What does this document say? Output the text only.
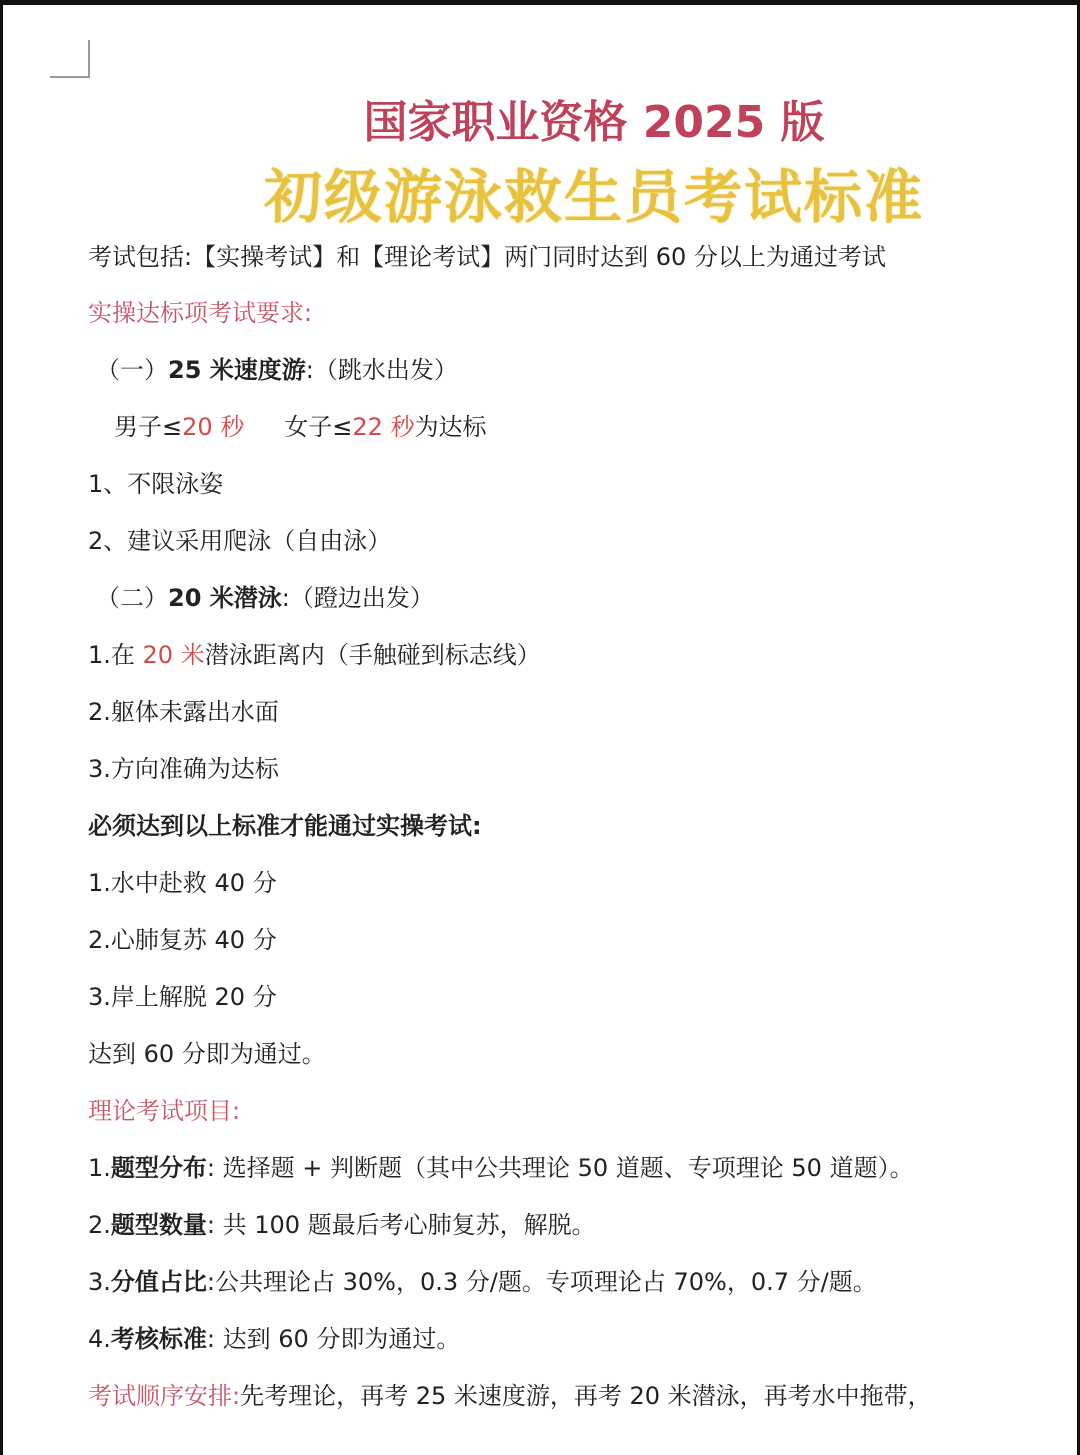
国家职业资格 2025 版
初级游泳救生员考试标准
考试包括:【实操考试】和【理论考试】两门同时达到 60 分以上为通过考试
实操达标项考试要求:
（一）25 米速度游:（跳水出发）
男子≤20 秒 女子≤22 秒为达标
1、不限泳姿
2、建议采用爬泳（自由泳）
（二）20 米潜泳:（蹬边出发）
1.在 20 米潜泳距离内（手触碰到标志线）
2.躯体未露出水面
3.方向准确为达标
必须达到以上标准才能通过实操考试:
1.水中赴救 40 分
2.心肺复苏 40 分
3.岸上解脱 20 分
达到 60 分即为通过。
理论考试项目:
1.题型分布: 选择题 + 判断题（其中公共理论 50 道题、专项理论 50 道题）。
2.题型数量: 共 100 题最后考心肺复苏，解脱。
3.分值占比:公共理论占 30%，0.3 分/题。专项理论占 70%，0.7 分/题。
4.考核标准: 达到 60 分即为通过。
考试顺序安排:先考理论，再考 25 米速度游，再考 20 米潜泳，再考水中拖带，
